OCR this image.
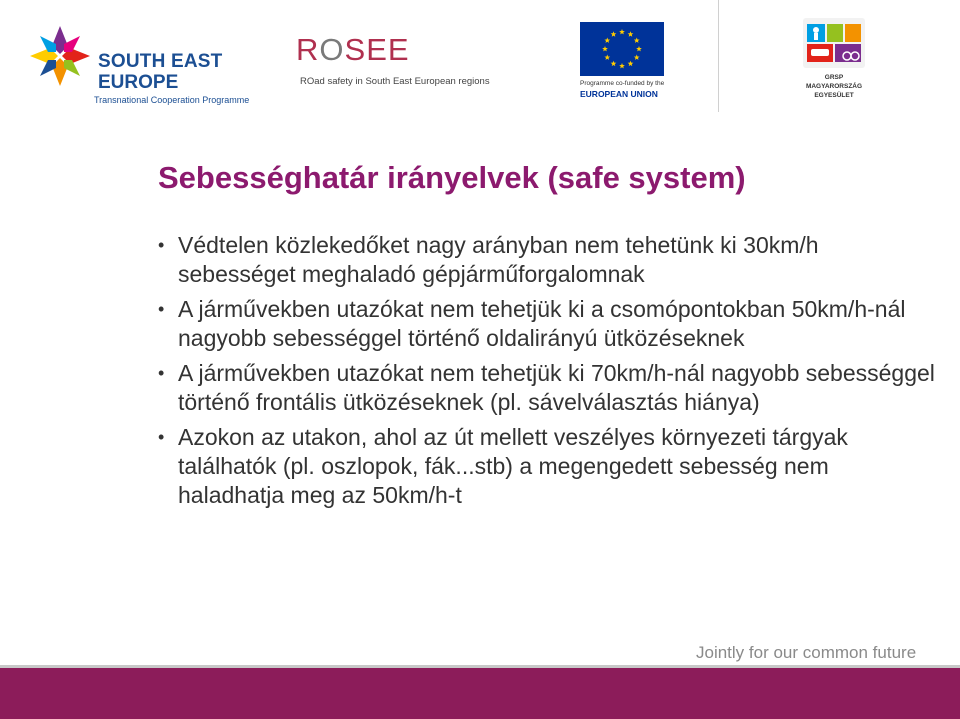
SOUTH EAST
EUROPE
Transnational Cooperation Programme
ROSEE
ROad safety in South East European regions	Programme co-funded by the
EUROPEAN UNION
GRSP
MAGYARORSZÁG
EGYESÜLET
Sebességhatár irányelvek (safe system)
• Védtelen közlekedőket nagy arányban nem tehetünk ki 30km/h sebességet meghaladó gépjárműforgalomnak
• A járművekben utazókat nem tehetjük ki a csomópontokban 50km/h-nál nagyobb sebességgel történő oldalirányú ütközéseknek
• A járművekben utazókat nem tehetjük ki 70km/h-nál nagyobb sebességgel történő frontális ütközéseknek (pl. sávelválasztás hiánya)
• Azokon az utakon, ahol az út mellett veszélyes környezeti tárgyak találhatók (pl. oszlopok, fák...stb) a megengedett sebesség nem haladhatja meg az 50km/h-t
Jointly for our common future
